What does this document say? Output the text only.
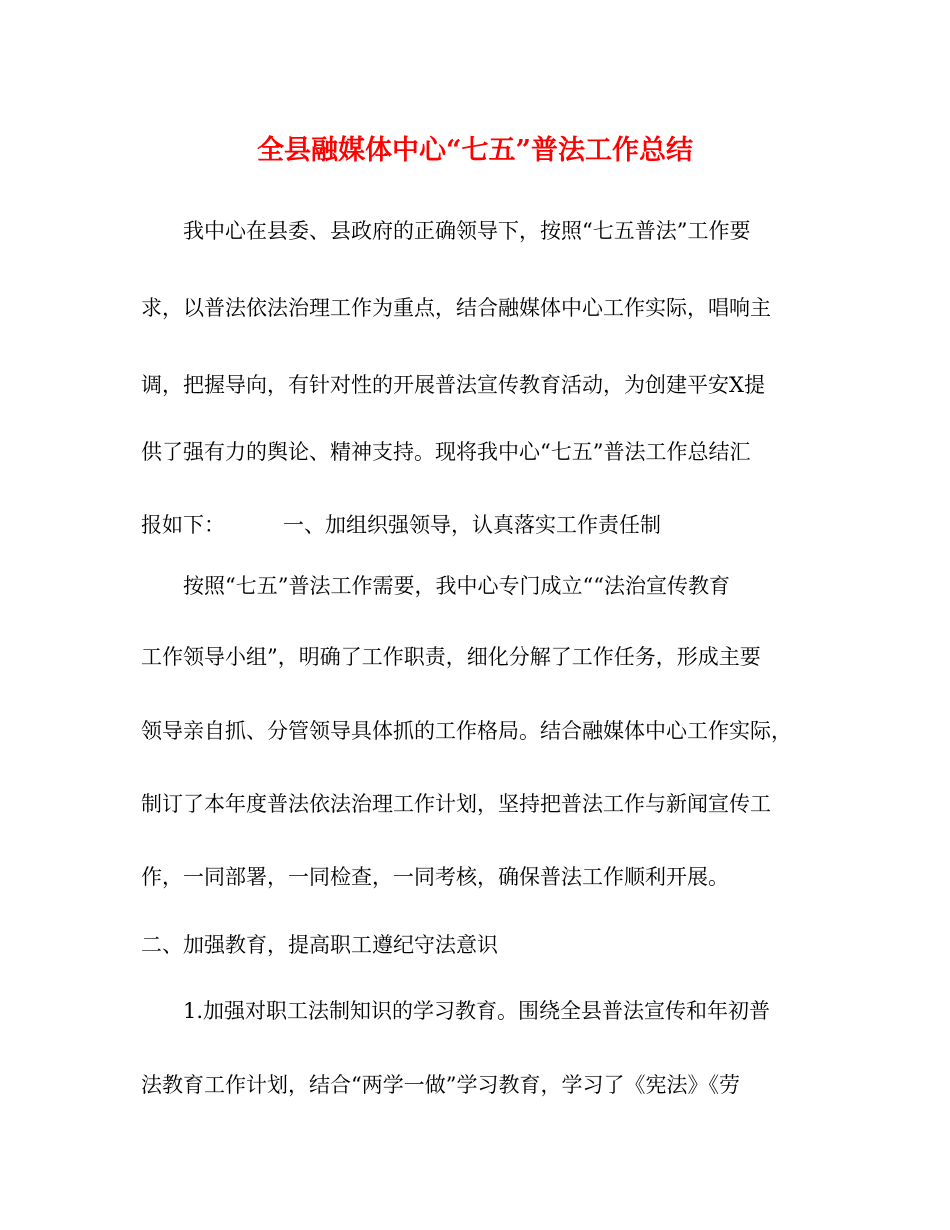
全县融媒体中心“七五”普法工作总结
我中心在县委、县政府的正确领导下，按照“七五普法”工作要
求，以普法依法治理工作为重点，结合融媒体中心工作实际，唱响主
调，把握导向，有针对性的开展普法宣传教育活动，为创建平安X提
供了强有力的舆论、精神支持。现将我中心“七五”普法工作总结汇
报如下：	一、加组织强领导，认真落实工作责任制
按照“七五”普法工作需要，我中心专门成立““法治宣传教育
工作领导小组”，明确了工作职责，细化分解了工作任务，形成主要
领导亲自抓、分管领导具体抓的工作格局。结合融媒体中心工作实际，
制订了本年度普法依法治理工作计划，坚持把普法工作与新闻宣传工
作，一同部署，一同检查，一同考核，确保普法工作顺利开展。
二、加强教育，提高职工遵纪守法意识
1.加强对职工法制知识的学习教育。围绕全县普法宣传和年初普
法教育工作计划，结合“两学一做”学习教育，学习了《宪法》《劳
